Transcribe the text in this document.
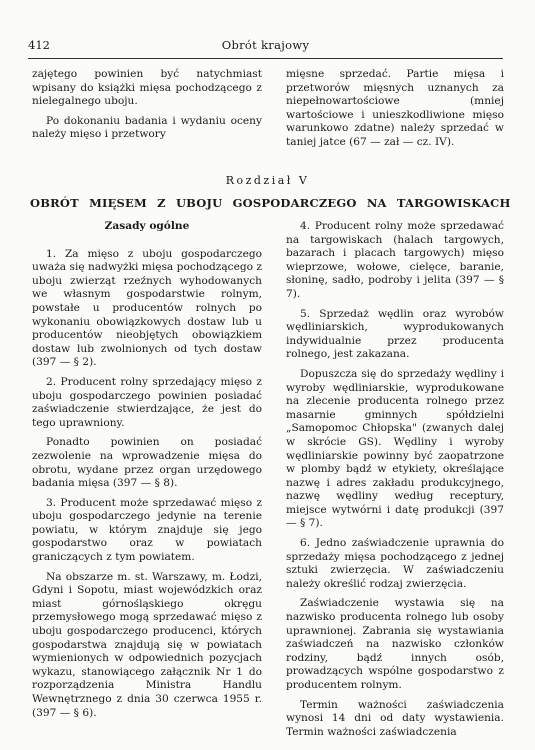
412	Obrót krajowy

zajętego powinien być natychmiast wpisany do książki mięsa pochodzącego z nielegalnego uboju.

Po dokonaniu badania i wydaniu oceny należy mięso i przetwory

mięsne sprzedać. Partie mięsa i przetworów mięsnych uznanych za niepełnowartościowe (mniej wartościowe i unieszkodliwione mięso warunkowo zdatne) należy sprzedać w taniej jatce (67 — zał — cz. IV).

Rozdział V
OBRÓT MIĘSEM Z UBOJU GOSPODARCZEGO NA TARGOWISKACH

Zasady ogólne

1. Za mięso z uboju gospodarczego uważa się nadwyżki mięsa pochodzącego z uboju zwierząt rzeźnych wyhodowanych we własnym gospodarstwie rolnym, powstałe u producentów rolnych po wykonaniu obowiązkowych dostaw lub u producentów nieobjętych obowiązkiem dostaw lub zwolnionych od tych dostaw (397 — § 2).

2. Producent rolny sprzedający mięso z uboju gospodarczego powinien posiadać zaświadczenie stwierdzające, że jest do tego uprawniony.

Ponadto powinien on posiadać zezwolenie na wprowadzenie mięsa do obrotu, wydane przez organ urzędowego badania mięsa (397 — § 8).

3. Producent może sprzedawać mięso z uboju gospodarczego jedynie na terenie powiatu, w którym znajduje się jego gospodarstwo oraz w powiatach graniczących z tym powiatem.

Na obszarze m. st. Warszawy, m. Łodzi, Gdyni i Sopotu, miast wojewódzkich oraz miast górnośląskiego okręgu przemysłowego mogą sprzedawać mięso z uboju gospodarczego producenci, których gospodarstwa znajdują się w powiatach wymienionych w odpowiednich pozycjach wykazu, stanowiącego załącznik Nr 1 do rozporządzenia Ministra Handlu Wewnętrznego z dnia 30 czerwca 1955 r. (397 — § 6).

4. Producent rolny może sprzedawać na targowiskach (halach targowych, bazarach i placach targowych) mięso wieprzowe, wołowe, cielęce, baranie, słoninę, sadło, podroby i jelita (397 — § 7).

5. Sprzedaż wędlin oraz wyrobów wędliniarskich, wyprodukowanych indywidualnie przez producenta rolnego, jest zakazana.

Dopuszcza się do sprzedaży wędliny i wyroby wędliniarskie, wyprodukowane na zlecenie producenta rolnego przez masarnie gminnych spółdzielni „Samopomoc Chłopska" (zwanych dalej w skrócie GS). Wędliny i wyroby wędliniarskie powinny być zaopatrzone w plomby bądź w etykiety, określające nazwę i adres zakładu produkcyjnego, nazwę wędliny według receptury, miejsce wytwórni i datę produkcji (397 — § 7).

6. Jedno zaświadczenie uprawnia do sprzedaży mięsa pochodzącego z jednej sztuki zwierzęcia. W zaświadczeniu należy określić rodzaj zwierzęcia.

Zaświadczenie wystawia się na nazwisko producenta rolnego lub osoby uprawnionej. Zabrania się wystawiania zaświadczeń na nazwisko członków rodziny, bądź innych osób, prowadzących wspólne gospodarstwo z producentem rolnym.

Termin ważności zaświadczenia wynosi 14 dni od daty wystawienia. Termin ważności zaświadczenia
